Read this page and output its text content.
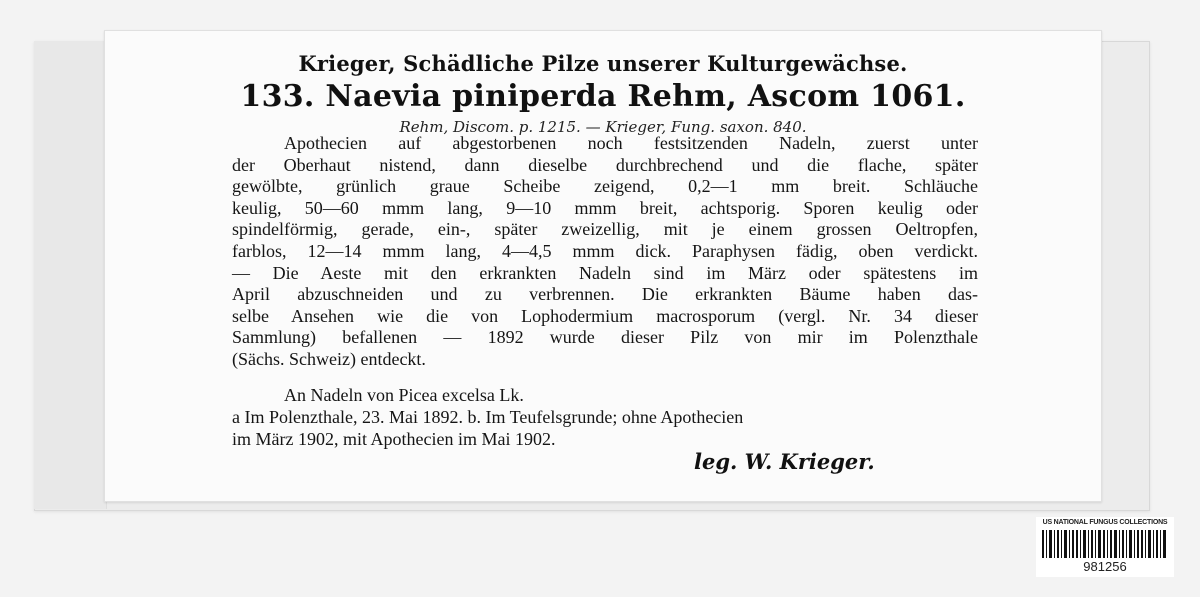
Krieger, Schädliche Pilze unserer Kulturgewächse.
133. Naevia piniperda Rehm, Ascom 1061.
Rehm, Discom. p. 1215. — Krieger, Fung. saxon. 840.
Apothecien auf abgestorbenen noch festsitzenden Nadeln, zuerst unter
der Oberhaut nistend, dann dieselbe durchbrechend und die flache, später
gewölbte, grünlich graue Scheibe zeigend, 0,2—1 mm breit. Schläuche
keulig, 50—60 mmm lang, 9—10 mmm breit, achtsporig. Sporen keulig oder
spindelförmig, gerade, ein-, später zweizellig, mit je einem grossen Oeltropfen,
farblos, 12—14 mmm lang, 4—4,5 mmm dick. Paraphysen fädig, oben verdickt.
— Die Aeste mit den erkrankten Nadeln sind im März oder spätestens im
April abzuschneiden und zu verbrennen. Die erkrankten Bäume haben das-
selbe Ansehen wie die von Lophodermium macrosporum (vergl. Nr. 34 dieser
Sammlung) befallenen — 1892 wurde dieser Pilz von mir im Polenzthale
(Sächs. Schweiz) entdeckt.
An Nadeln von Picea excelsa Lk.
a Im Polenzthale, 23. Mai 1892. b. Im Teufelsgrunde; ohne Apothecien
im März 1902, mit Apothecien im Mai 1902.
leg. W. Krieger.
US NATIONAL FUNGUS COLLECTIONS
981256
